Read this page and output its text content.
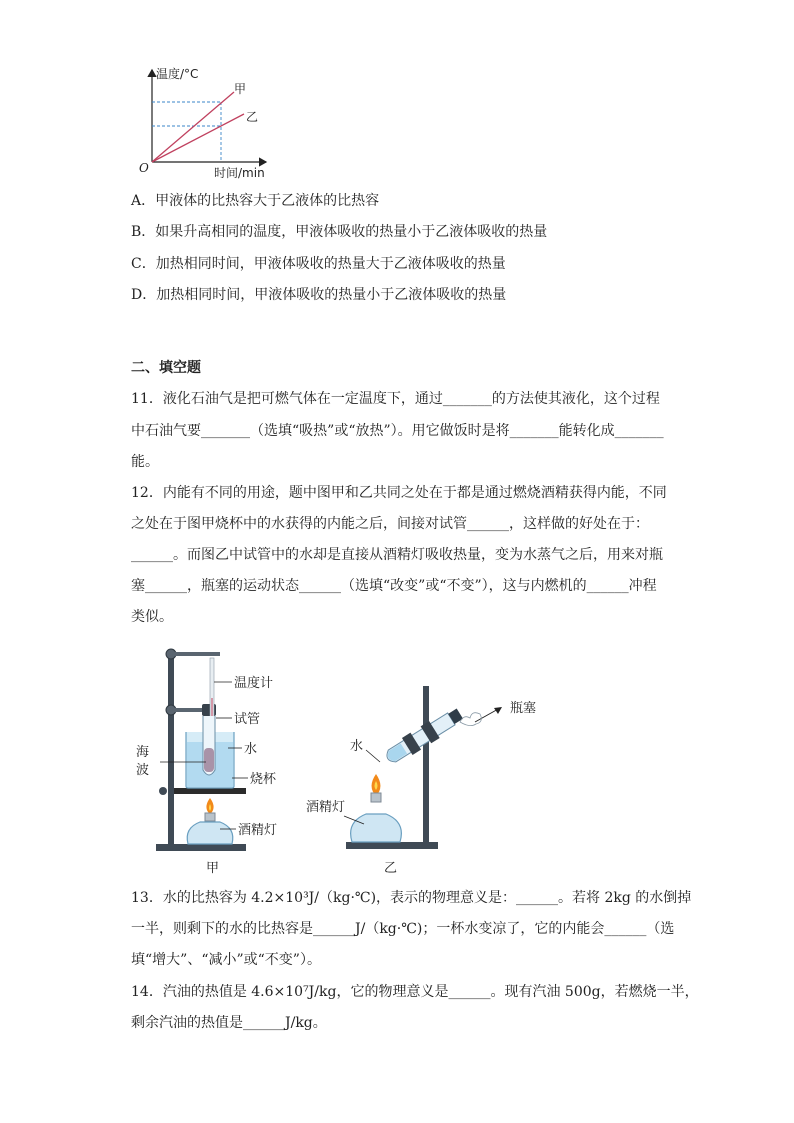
温度/°C
时间/min
O
甲
乙
A．甲液体的比热容大于乙液体的比热容
B．如果升高相同的温度，甲液体吸收的热量小于乙液体吸收的热量
C．加热相同时间，甲液体吸收的热量大于乙液体吸收的热量
D．加热相同时间，甲液体吸收的热量小于乙液体吸收的热量
二、填空题
11．液化石油气是把可燃气体在一定温度下，通过_______的方法使其液化，这个过程
中石油气要_______（选填“吸热”或“放热”）。用它做饭时是将_______能转化成_______
能。
12．内能有不同的用途，题中图甲和乙共同之处在于都是通过燃烧酒精获得内能，不同
之处在于图甲烧杯中的水获得的内能之后，间接对试管______，这样做的好处在于：
______。而图乙中试管中的水却是直接从酒精灯吸收热量，变为水蒸气之后，用来对瓶
塞______，瓶塞的运动状态______（选填“改变”或“不变”），这与内燃机的______冲程
类似。
温度计
试管
水
海
波
烧杯
酒精灯
甲
瓶塞
水
酒精灯
乙
13．水的比热容为 4.2×10³J/（kg·℃)，表示的物理意义是：______。若将 2kg 的水倒掉
一半，则剩下的水的比热容是______J/（kg·℃)；一杯水变凉了，它的内能会______（选
填“增大”、“减小”或“不变”）。
14．汽油的热值是 4.6×10⁷J/kg，它的物理意义是______。现有汽油 500g，若燃烧一半，
剩余汽油的热值是______J/kg。
